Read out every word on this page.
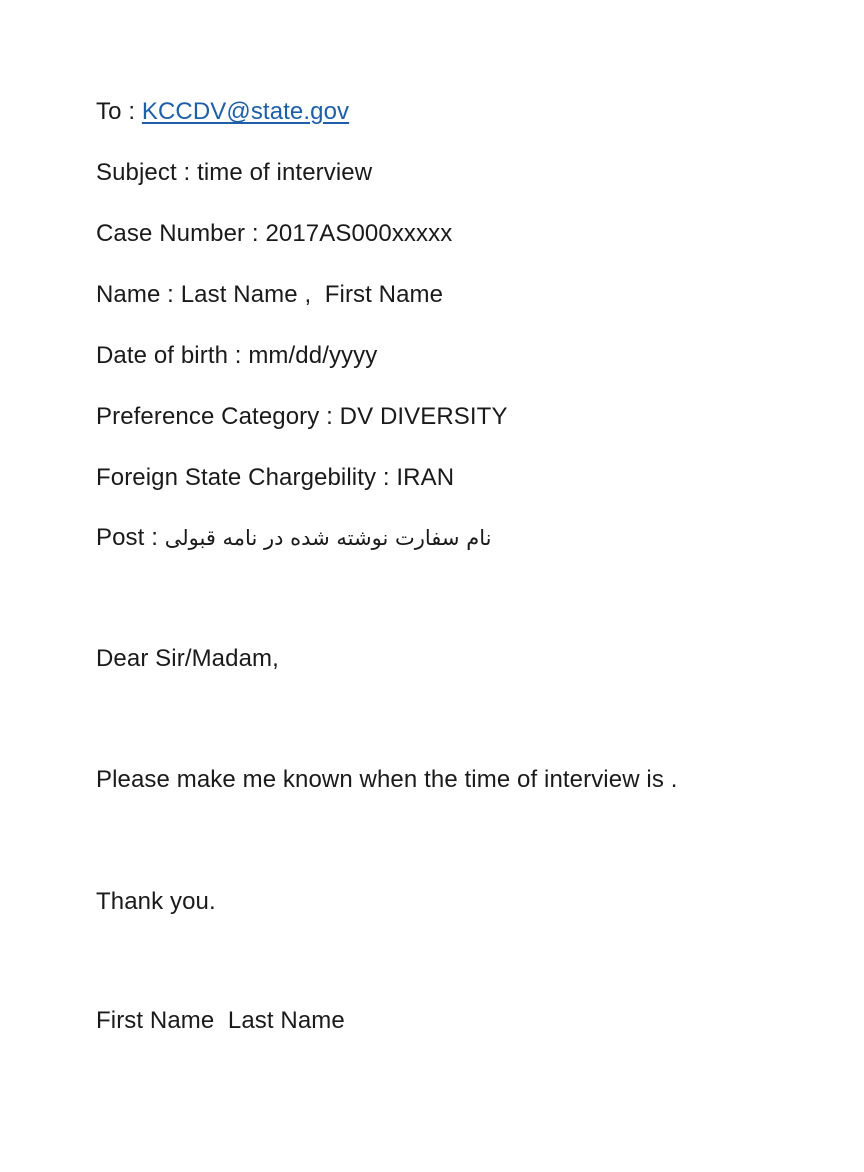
To : KCCDV@state.gov
Subject : time of interview
Case Number : 2017AS000xxxxx
Name : Last Name ,  First Name
Date of birth : mm/dd/yyyy
Preference Category : DV DIVERSITY
Foreign State Chargebility : IRAN
Post : نام سفارت نوشته شده در نامه قبولی
Dear Sir/Madam,
Please make me known when the time of interview is .
Thank you.
First Name  Last Name
